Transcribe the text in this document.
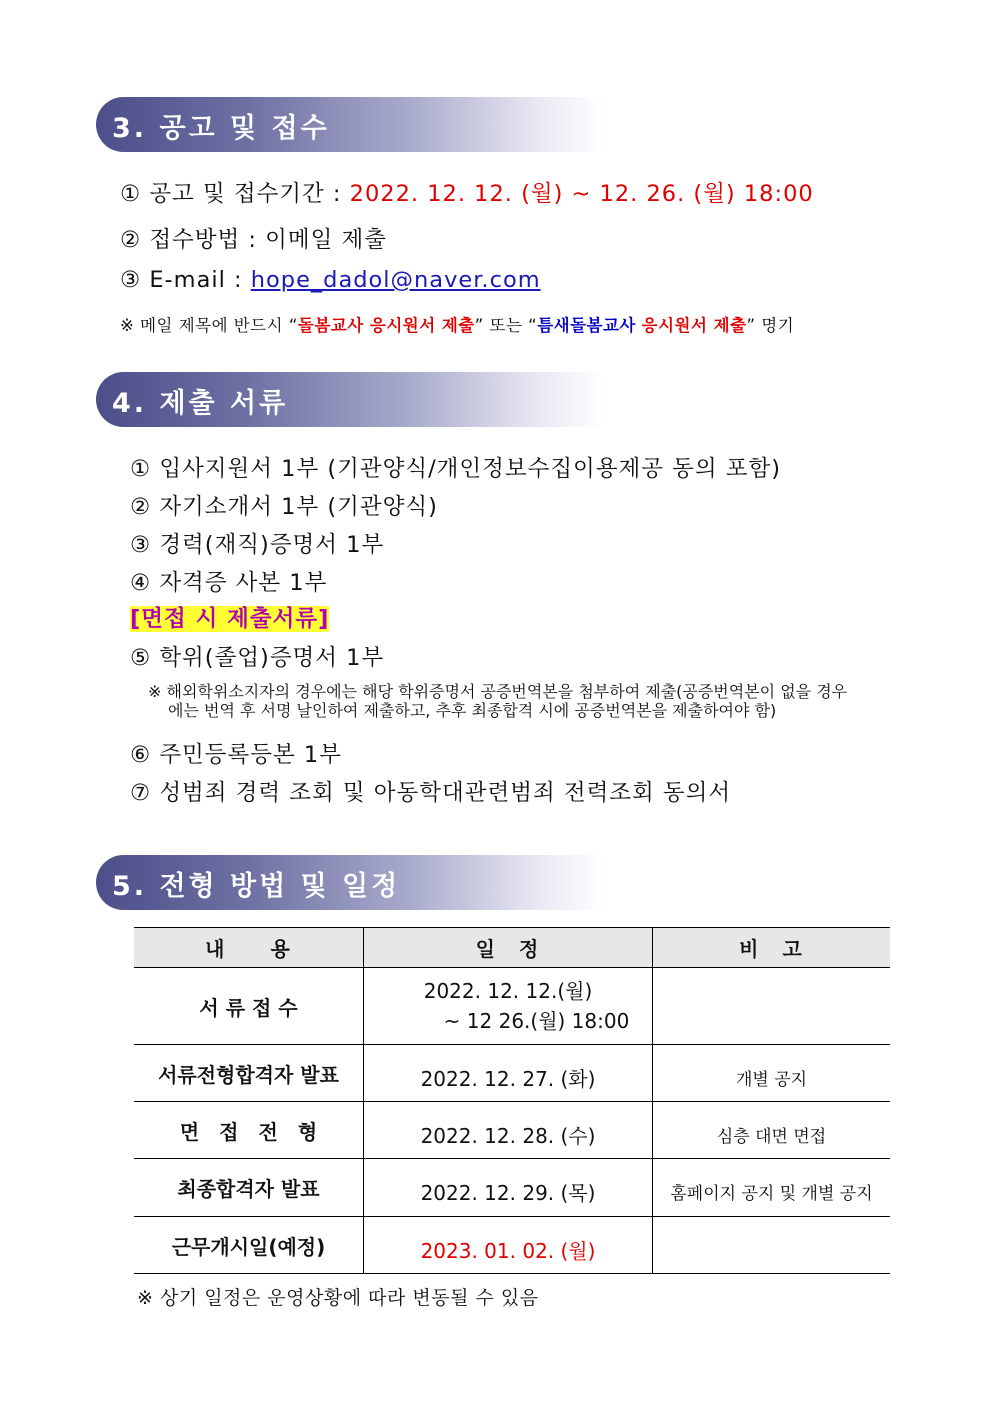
3. 공고 및 접수
① 공고 및 접수기간 : 2022. 12. 12. (월) ~ 12. 26. (월) 18:00
② 접수방법 : 이메일 제출
③ E-mail : hope_dadol@naver.com
※ 메일 제목에 반드시 “돌봄교사 응시원서 제출” 또는 “틈새돌봄교사 응시원서 제출” 명기
4. 제출 서류
① 입사지원서 1부 (기관양식/개인정보수집이용제공 동의 포함)
② 자기소개서 1부 (기관양식)
③ 경력(재직)증명서 1부
④ 자격증 사본 1부
[면접 시 제출서류]
⑤ 학위(졸업)증명서 1부
※ 해외학위소지자의 경우에는 해당 학위증명서 공증번역본을 첨부하여 제출(공증번역본이 없을 경우
에는 번역 후 서명 날인하여 제출하고, 추후 최종합격 시에 공증번역본을 제출하여야 함)
⑥ 주민등록등본 1부
⑦ 성범죄 경력 조회 및 아동학대관련범죄 전력조회 동의서
5. 전형 방법 및 일정
내　　용	일　정	비　고
서 류 접 수	2022. 12. 12.(월)
~ 12 26.(월) 18:00	

서류전형합격자 발표	2022. 12. 27. (화)	개별 공지
면　접　전　형	2022. 12. 28. (수)	심층 대면 면접
최종합격자 발표	2022. 12. 29. (목)	홈페이지 공지 및 개별 공지
근무개시일(예정)	2023. 01. 02. (월)	
※ 상기 일정은 운영상황에 따라 변동될 수 있음
